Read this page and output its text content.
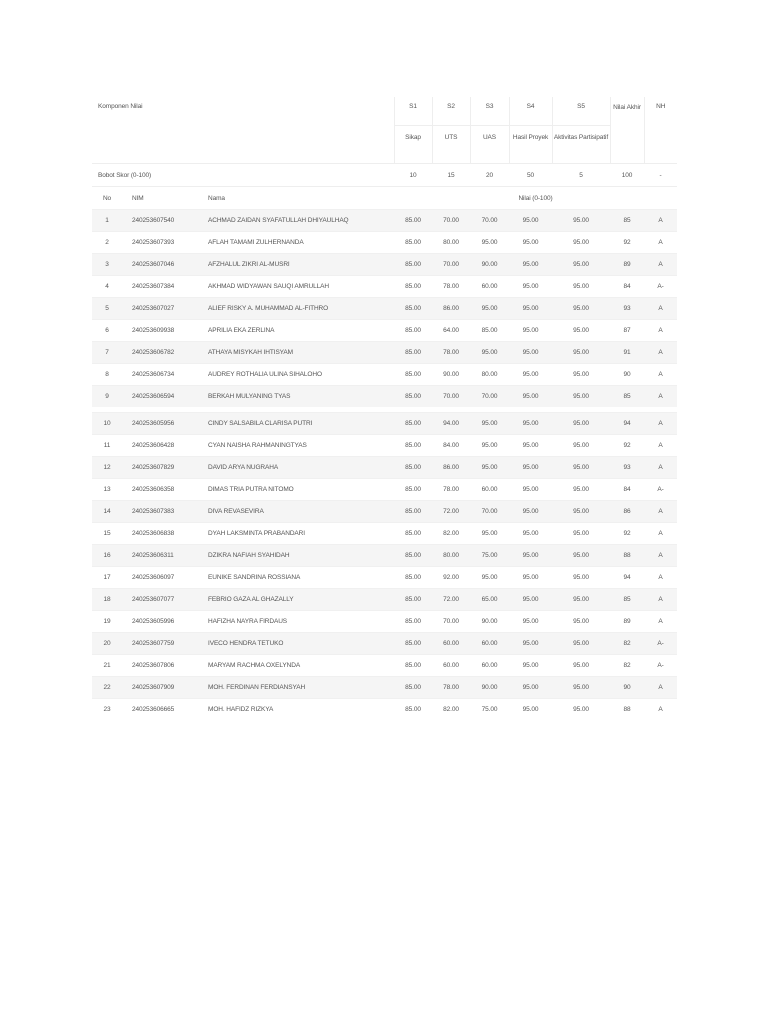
Komponen Nilai			S1	S2	S3	S4	S5	Nilai Akhir	NH
			Sikap	UTS	UAS	Hasil Proyek	Aktivitas Partisipatif		
Bobot Skor (0-100)			10	15	20	50	5	100	-
No	NIM	Nama	Nilai (0-100)						
1	240253607540	ACHMAD ZAIDAN SYAFATULLAH DHIYAULHAQ	85.00	70.00	70.00	95.00	95.00	85	A
2	240253607393	AFLAH TAMAMI ZULHERNANDA	85.00	80.00	95.00	95.00	95.00	92	A
3	240253607046	AFZHALUL ZIKRI AL-MUSRI	85.00	70.00	90.00	95.00	95.00	89	A
4	240253607384	AKHMAD WIDYAWAN SAUQI AMRULLAH	85.00	78.00	60.00	95.00	95.00	84	A-
5	240253607027	ALIEF RISKY A. MUHAMMAD AL-FITHRO	85.00	86.00	95.00	95.00	95.00	93	A
6	240253609938	APRILIA EKA ZERLINA	85.00	64.00	85.00	95.00	95.00	87	A
7	240253606782	ATHAYA MISYKAH IHTISYAM	85.00	78.00	95.00	95.00	95.00	91	A
8	240253606734	AUDREY ROTHALIA ULINA SIHALOHO	85.00	90.00	80.00	95.00	95.00	90	A
9	240253606594	BERKAH MULYANING TYAS	85.00	70.00	70.00	95.00	95.00	85	A
10	240253605956	CINDY SALSABILA CLARISA PUTRI	85.00	94.00	95.00	95.00	95.00	94	A
11	240253606428	CYAN NAISHA RAHMANINGTYAS	85.00	84.00	95.00	95.00	95.00	92	A
12	240253607829	DAVID ARYA NUGRAHA	85.00	86.00	95.00	95.00	95.00	93	A
13	240253606358	DIMAS TRIA PUTRA NITOMO	85.00	78.00	60.00	95.00	95.00	84	A-
14	240253607383	DIVA REVASEVIRA	85.00	72.00	70.00	95.00	95.00	86	A
15	240253606838	DYAH LAKSMINTA PRABANDARI	85.00	82.00	95.00	95.00	95.00	92	A
16	240253606311	DZIKRA NAFIAH SYAHIDAH	85.00	80.00	75.00	95.00	95.00	88	A
17	240253606097	EUNIKE SANDRINA ROSSIANA	85.00	92.00	95.00	95.00	95.00	94	A
18	240253607077	FEBRIO GAZA AL GHAZALLY	85.00	72.00	65.00	95.00	95.00	85	A
19	240253605996	HAFIZHA NAYRA FIRDAUS	85.00	70.00	90.00	95.00	95.00	89	A
20	240253607759	IVECO HENDRA TETUKO	85.00	60.00	60.00	95.00	95.00	82	A-
21	240253607806	MARYAM RACHMA OXELYNDA	85.00	60.00	60.00	95.00	95.00	82	A-
22	240253607909	MOH. FERDINAN FERDIANSYAH	85.00	78.00	90.00	95.00	95.00	90	A
23	240253606665	MOH. HAFIDZ RIZKYA	85.00	82.00	75.00	95.00	95.00	88	A
